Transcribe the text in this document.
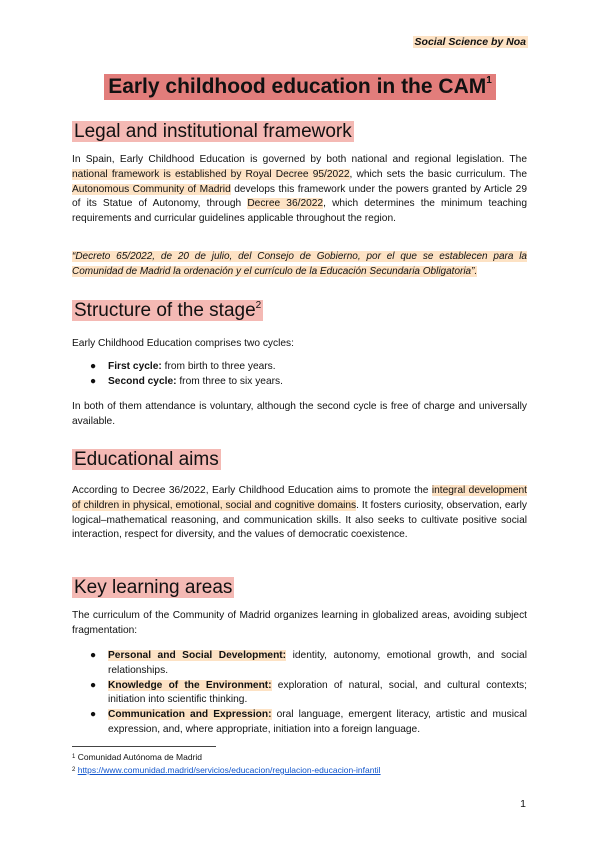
Social Science by Noa
Early childhood education in the CAM$^1$
Legal and institutional framework

In Spain, Early Childhood Education is governed by both national and regional legislation. The national framework is established by Royal Decree 95/2022, which sets the basic curriculum. The Autonomous Community of Madrid develops this framework under the powers granted by Article 29 of its Statue of Autonomy, through Decree 36/2022, which determines the minimum teaching requirements and curricular guidelines applicable throughout the region.

“Decreto 65/2022, de 20 de julio, del Consejo de Gobierno, por el que se establecen para la Comunidad de Madrid la ordenación y el currículo de la Educación Secundaria Obligatoria”.

Structure of the stage$^2$

Early Childhood Education comprises two cycles:

● First cycle: from birth to three years.
● Second cycle: from three to six years.

In both of them attendance is voluntary, although the second cycle is free of charge and universally available.

Educational aims

According to Decree 36/2022, Early Childhood Education aims to promote the integral development of children in physical, emotional, social and cognitive domains. It fosters curiosity, observation, early logical–mathematical reasoning, and communication skills. It also seeks to cultivate positive social interaction, respect for diversity, and the values of democratic coexistence.

Key learning areas

The curriculum of the Community of Madrid organizes learning in globalized areas, avoiding subject fragmentation:

● Personal and Social Development: identity, autonomy, emotional growth, and social relationships.
● Knowledge of the Environment: exploration of natural, social, and cultural contexts; initiation into scientific thinking.
● Communication and Expression: oral language, emergent literacy, artistic and musical expression, and, where appropriate, initiation into a foreign language.
$^1$ Comunidad Autónoma de Madrid
$^2$ https://www.comunidad.madrid/servicios/educacion/regulacion-educacion-infantil
1
